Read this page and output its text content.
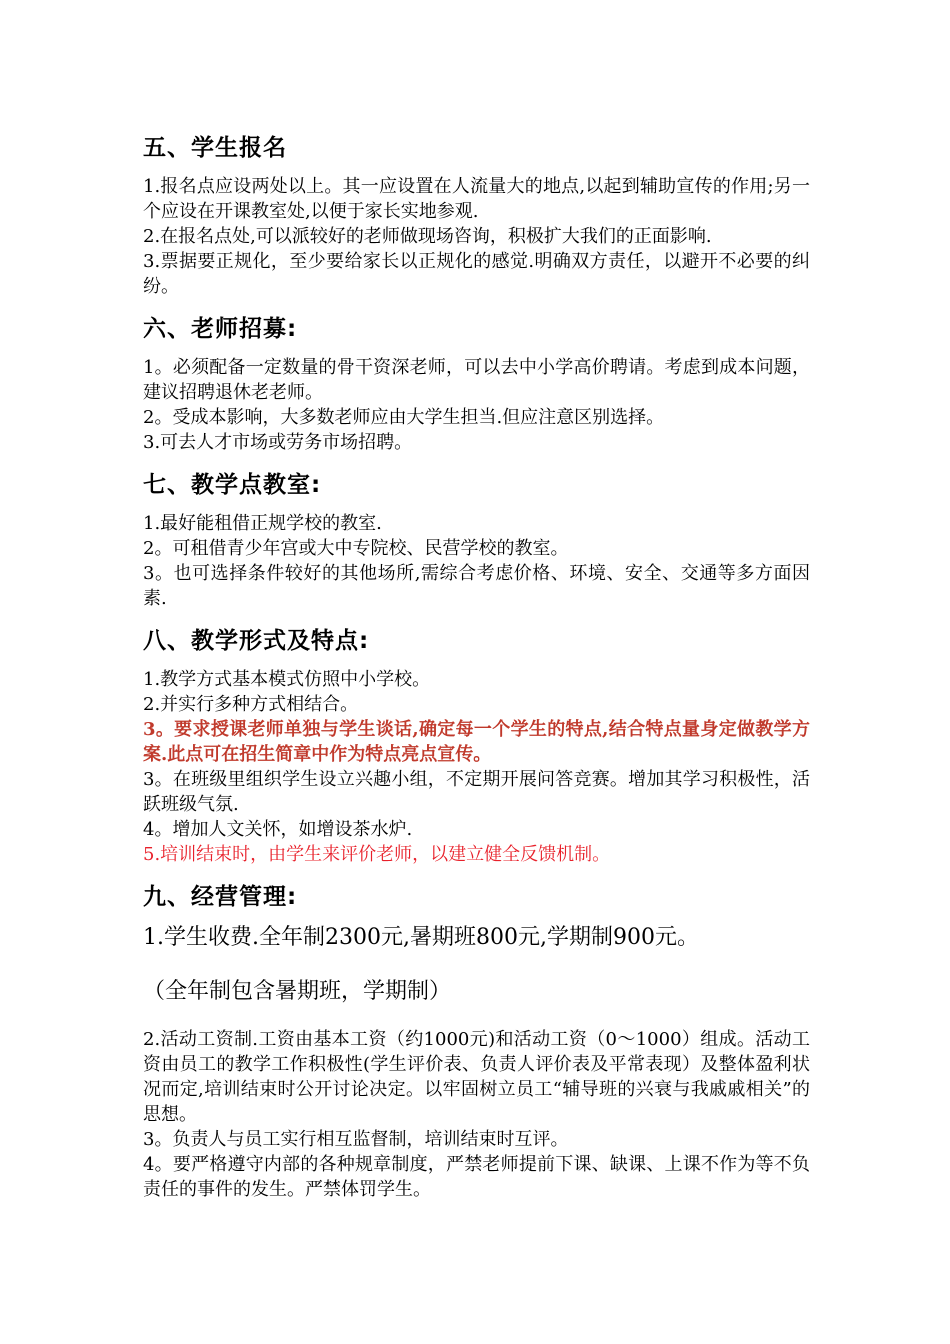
五、学生报名

1.报名点应设两处以上。其一应设置在人流量大的地点,以起到辅助宣传的作用;另一个应设在开课教室处,以便于家长实地参观.

2.在报名点处,可以派较好的老师做现场咨询，积极扩大我们的正面影响.

3.票据要正规化，至少要给家长以正规化的感觉.明确双方责任，以避开不必要的纠纷。

六、老师招募:

1。必须配备一定数量的骨干资深老师，可以去中小学高价聘请。考虑到成本问题，建议招聘退休老老师。

2。受成本影响，大多数老师应由大学生担当.但应注意区别选择。

3.可去人才市场或劳务市场招聘。

七、教学点教室:

1.最好能租借正规学校的教室.

2。可租借青少年宫或大中专院校、民营学校的教室。

3。也可选择条件较好的其他场所,需综合考虑价格、环境、安全、交通等多方面因素.

八、教学形式及特点:

1.教学方式基本模式仿照中小学校。

2.并实行多种方式相结合。

3。要求授课老师单独与学生谈话,确定每一个学生的特点,结合特点量身定做教学方案.此点可在招生简章中作为特点亮点宣传。

3。在班级里组织学生设立兴趣小组，不定期开展问答竞赛。增加其学习积极性，活跃班级气氛.

4。增加人文关怀，如增设茶水炉.

5.培训结束时，由学生来评价老师，以建立健全反馈机制。

九、经营管理:

1.学生收费.全年制2300元,暑期班800元,学期制900元。

（全年制包含暑期班，学期制）

2.活动工资制.工资由基本工资（约1000元)和活动工资（0～1000）组成。活动工资由员工的教学工作积极性(学生评价表、负责人评价表及平常表现）及整体盈利状况而定,培训结束时公开讨论决定。以牢固树立员工“辅导班的兴衰与我戚戚相关”的思想。

3。负责人与员工实行相互监督制，培训结束时互评。

4。要严格遵守内部的各种规章制度，严禁老师提前下课、缺课、上课不作为等不负责任的事件的发生。严禁体罚学生。
